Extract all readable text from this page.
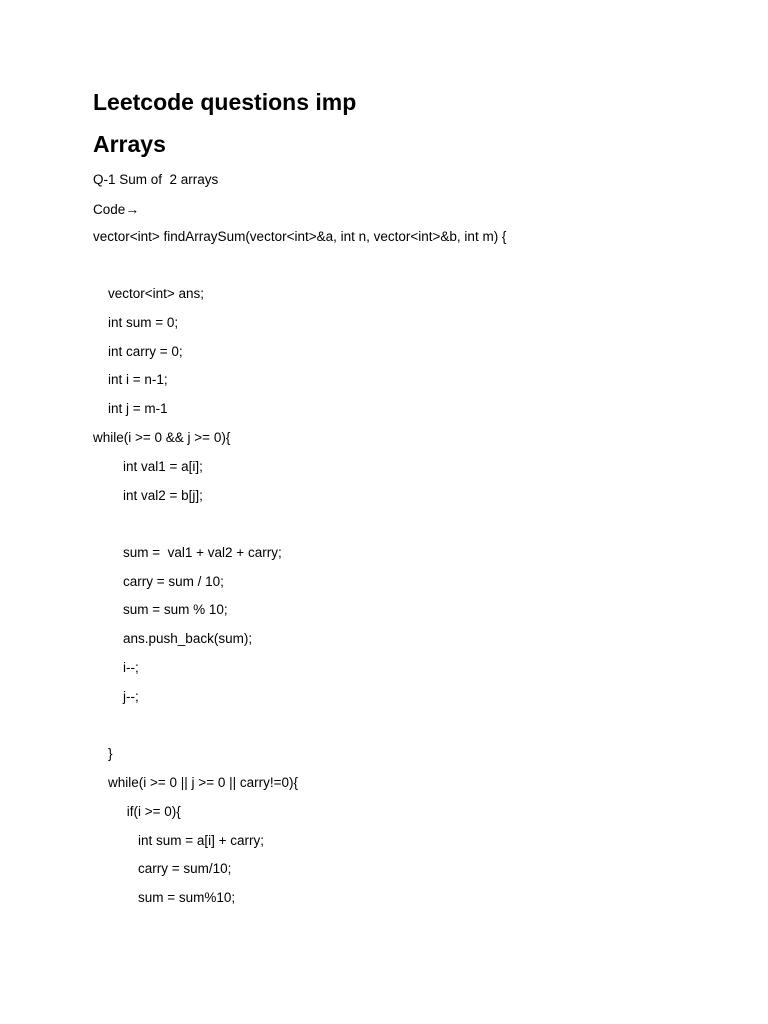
Leetcode questions imp
Arrays
Q-1 Sum of  2 arrays
Code→
vector<int> findArraySum(vector<int>&a, int n, vector<int>&b, int m) {
vector<int> ans;
int sum = 0;
int carry = 0;
int i = n-1;
int j = m-1
while(i >= 0 && j >= 0){
int val1 = a[i];
int val2 = b[j];
sum =  val1 + val2 + carry;
carry = sum / 10;
sum = sum % 10;
ans.push_back(sum);
i--;
j--;
}
while(i >= 0 || j >= 0 || carry!=0){
if(i >= 0){
int sum = a[i] + carry;
carry = sum/10;
sum = sum%10;
